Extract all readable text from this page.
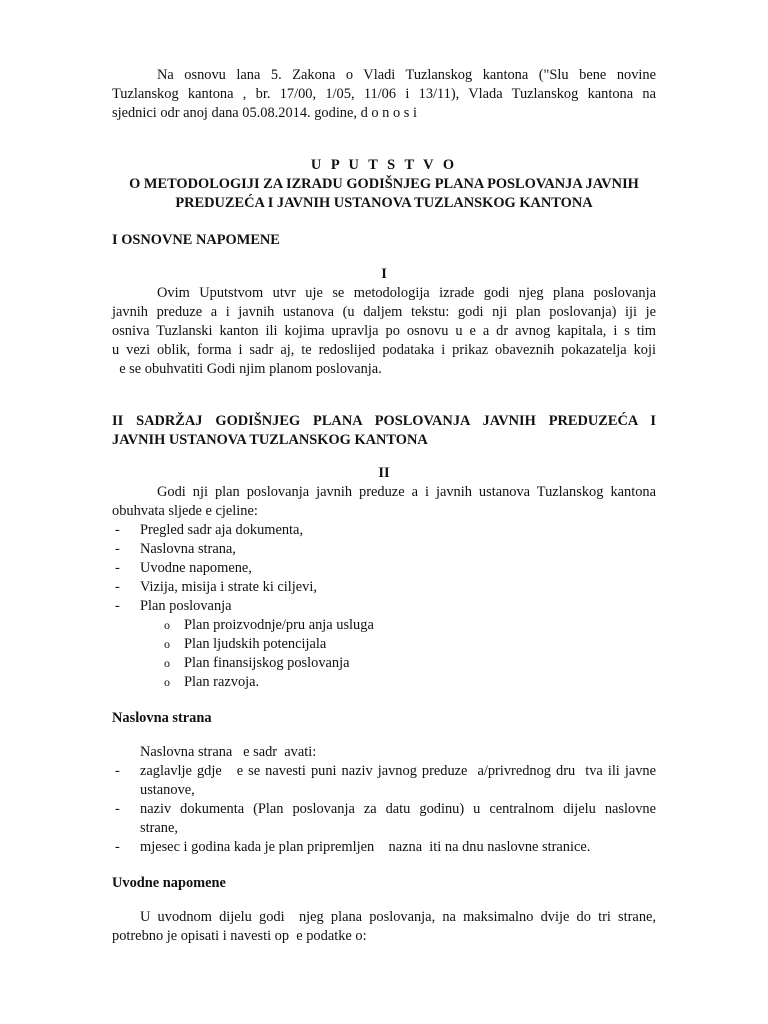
Na osnovu lana 5. Zakona o Vladi Tuzlanskog kantona ("Slu bene novine

Tuzlanskog kantona , br. 17/00, 1/05, 11/06 i 13/11), Vlada Tuzlanskog kantona na

sjednici odr anoj dana 05.08.2014. godine, d o n o s i

U P U T S T V O

O METODOLOGIJI ZA IZRADU GODIŠNJEG PLANA POSLOVANJA JAVNIH

PREDUZEĆA I JAVNIH USTANOVA TUZLANSKOG KANTONA

I OSNOVNE NAPOMENE

I

Ovim Uputstvom utvr uje se metodologija izrade godi njeg plana poslovanja

javnih preduze a i javnih ustanova (u daljem tekstu: godi nji plan poslovanja) iji je

osniva Tuzlanski kanton ili kojima upravlja po osnovu u e a dr avnog kapitala, i s tim

u vezi oblik, forma i sadr aj, te redoslijed podataka i prikaz obaveznih pokazatelja koji

e se obuhvatiti Godi njim planom poslovanja.

II SADRŽAJ GODIŠNJEG PLANA POSLOVANJA JAVNIH PREDUZEĆA I

JAVNIH USTANOVA TUZLANSKOG KANTONA

II

Godi nji plan poslovanja javnih preduze a i javnih ustanova Tuzlanskog kantona

obuhvata sljede e cjeline:

- Pregled sadr aja dokumenta,
- Naslovna strana,
- Uvodne napomene,
- Vizija, misija i strate ki ciljevi,
- Plan poslovanja
o Plan proizvodnje/pru anja usluga
o Plan ljudskih potencijala
o Plan finansijskog poslovanja
o Plan razvoja.

Naslovna strana

Naslovna strana   e sadr  avati:

- zaglavlje gdje   e se navesti puni naziv javnog preduze  a/privrednog dru  tva ili javne
ustanove,
- naziv dokumenta (Plan poslovanja za datu godinu) u centralnom dijelu naslovne
strane,
- mjesec i godina kada je plan pripremljen    nazna  iti na dnu naslovne stranice.

Uvodne napomene

U uvodnom dijelu godi  njeg plana poslovanja, na maksimalno dvije do tri strane,

potrebno je opisati i navesti op  e podatke o:
